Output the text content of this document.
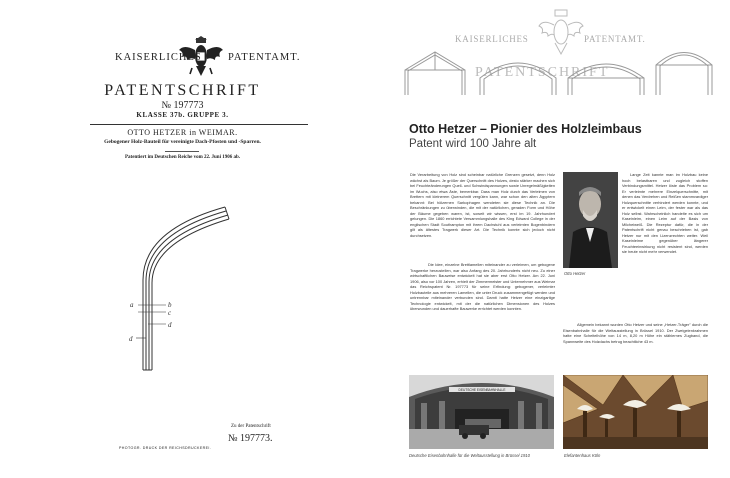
KAISERLICHES	PATENTAMT.
PATENTSCHRIFT
№ 197773
KLASSE 37b. GRUPPE 3.
OTTO HETZER in WEIMAR.
Gebogener Holz-Bauteil für vereinigte Dach-Pfosten und -Sparren.
Patentiert im Deutschen Reiche vom 22. Juni 1906 ab.
a	b
c
d
d
Zu der Patentschrift
№ 197773.
PHOTOGR. DRUCK DER REICHSDRUCKEREI.
KAISERLICHES	PATENTAMT.
PATENTSCHRIFT
Otto Hetzer – Pionier des Holzleimbaus
Patent wird 100 Jahre alt
Die Verarbeitung von Holz sind scheinbar natürliche Grenzen gesetzt, denn Holz wächst als Baum. Je größer der Querschnitt des Holzes, desto stärker machen sich bei Feuchteänderungen Quell- und Schwindspannungen sowie Unregelmäßigkeiten im Wuchs, also etwa Äste, bemerkbar. Dass man Holz durch das Verleimen von Brettern mit kleinerem Querschnitt vergüten kann, war schon den alten Ägyptern bekannt: Bei hölzernen Sarkophagen wendeten sie diese Technik an. Die Beschränkungen zu überwinden, die mit der natürlichen, geraden Form und Höhe der Bäume gegeben waren, ist, soweit wir wissen, erst im 19. Jahrhundert gelungen. Die 1860 errichtete Versammlungshalle des King Edward College in der englischen Stadt Southampton mit ihrem Dachstuhl aus verleimten Bogenbindern gilt als ältestes Tragwerk dieser Art. Die Technik konnte sich jedoch nicht durchsetzen.
Die Idee, einzelne Brettlamellen miteinander zu verleimen, um gebogene Tragwerke herzustellen, war also Anfang des 20. Jahrhunderts nicht neu. Zu einer wirtschaftlichen Bauweise entwickelt hat sie aber erst Otto Hetzer. Am 22. Juni 1906, also vor 100 Jahren, erhielt der Zimmermeister und Unternehmer aus Weimar das Reichspatent Nr. 197773 für seine Erfindung: gebogener, verleimter Holzbauteile aus mehreren Lamellen, die unter Druck zusammengefügt werden und untrennbar miteinander verbunden sind. Damit hatte Hetzer eine einzigartige Technologie entwickelt, mit der die natürlichen Dimensionen des Holzes überwunden und dauerhafte Bauwerke errichtet werden konnten.
Otto Hetzer
Lange Zeit kannte man im Holzbau keine hoch belastbaren und zugleich stoffen Verbindungsmittel. Hetzer löste das Problem so: Er verleimte mehrere Einzelquerschnitte, mit denen das Verdrehen und Reißen stammvardiger Holzquerschnitte verhindert werden konnte, und er entwickelt einen Leim, der fester war als das Holz selbst. Wahrscheinlich handelte es sich um Kaseinleim, einen Leim auf der Basis von Milcheiweiß. Die Rezeptur dafür, die in der Patentschrift nicht genau beschrieben ist, gab Hetzer nur mit den Lizenzrechten weiter. Weil Kaseinleime gegenüber längerer Feuchteeinwirkung nicht resistent sind, werden sie heute nicht mehr verwendet.
Allgemein bekannt wurden Otto Hetzer und seine „Hetzer-Träger" durch die Eisenbahnhalle für die Weltausstellung in Brüssel 1910. Der Zweigelenkrahmen hatte eine Scheitelhöhe von 14 m, 8,20 m Höhe ein stählernes Zugband, die Spannweite des Holzdachs betrug beachtliche 43 m.
DEUTSCHE EISENBAHNHALLE
Deutsche Eisenbahnhalle für die Weltausstellung in Brüssel 1910	Elefantenhaus Köln
